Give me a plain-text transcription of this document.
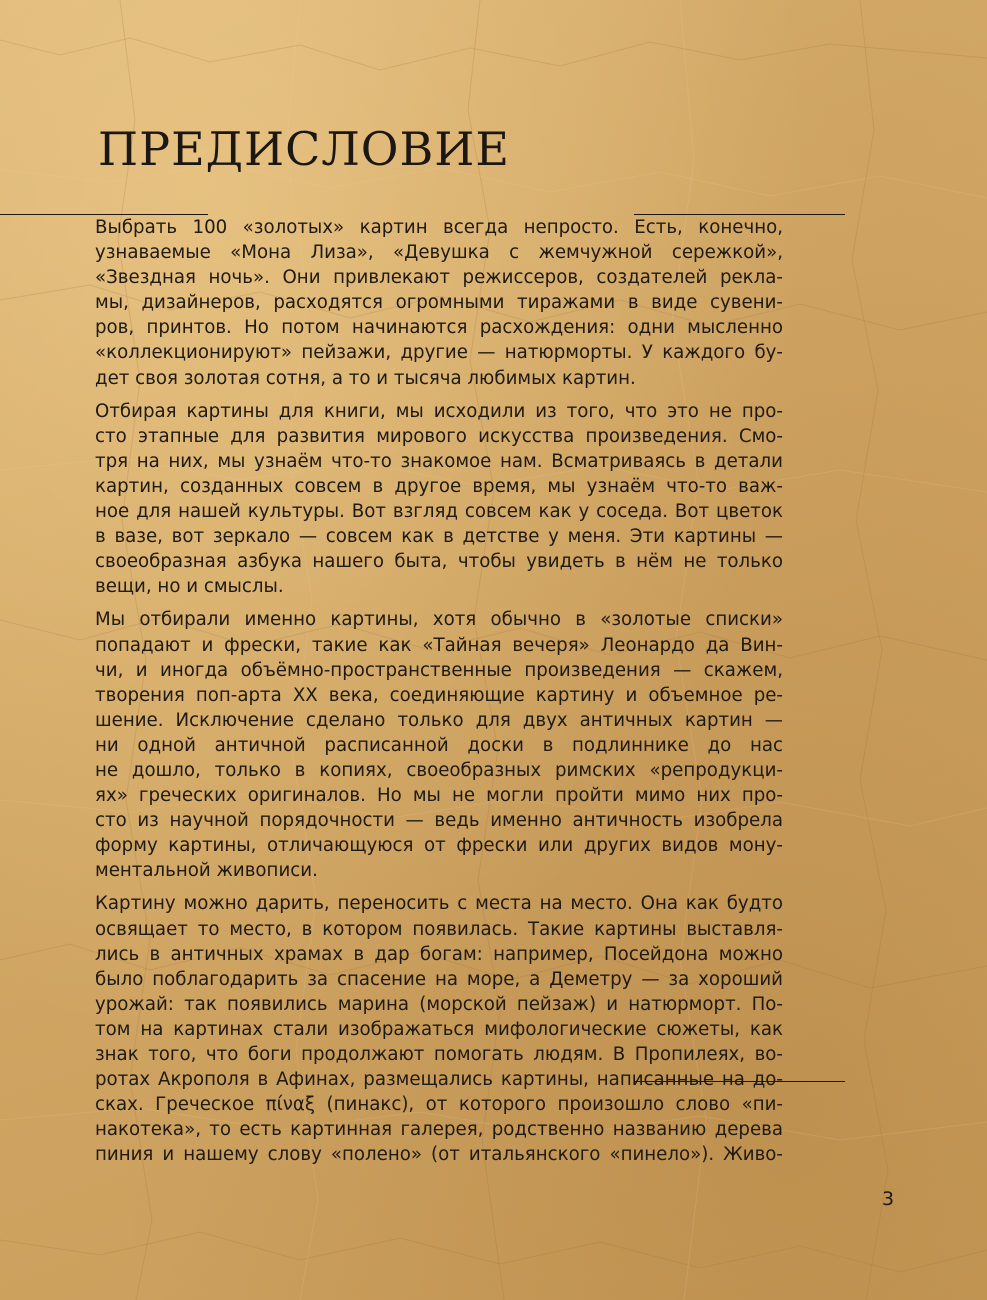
ПРЕДИСЛОВИЕ

Выбрать 100 «золотых» картин всегда непросто. Есть, конечно,
узнаваемые «Мона Лиза», «Девушка с жемчужной сережкой»,
«Звездная ночь». Они привлекают режиссеров, создателей рекла-
мы, дизайнеров, расходятся огромными тиражами в виде сувени-
ров, принтов. Но потом начинаются расхождения: одни мысленно
«коллекционируют» пейзажи, другие — натюрморты. У каждого бу-
дет своя золотая сотня, а то и тысяча любимых картин.

Отбирая картины для книги, мы исходили из того, что это не про-
сто этапные для развития мирового искусства произведения. Смо-
тря на них, мы узнаём что-то знакомое нам. Всматриваясь в детали
картин, созданных совсем в другое время, мы узнаём что-то важ-
ное для нашей культуры. Вот взгляд совсем как у соседа. Вот цветок
в вазе, вот зеркало — совсем как в детстве у меня. Эти картины —
своеобразная азбука нашего быта, чтобы увидеть в нём не только
вещи, но и смыслы.

Мы отбирали именно картины, хотя обычно в «золотые списки»
попадают и фрески, такие как «Тайная вечеря» Леонардо да Вин-
чи, и иногда объёмно-пространственные произведения — скажем,
творения поп-арта XX века, соединяющие картину и объемное ре-
шение. Исключение сделано только для двух античных картин —
ни одной античной расписанной доски в подлиннике до нас
не дошло, только в копиях, своеобразных римских «репродукци-
ях» греческих оригиналов. Но мы не могли пройти мимо них про-
сто из научной порядочности — ведь именно античность изобрела
форму картины, отличающуюся от фрески или других видов мону-
ментальной живописи.

Картину можно дарить, переносить с места на место. Она как будто
освящает то место, в котором появилась. Такие картины выставля-
лись в античных храмах в дар богам: например, Посейдона можно
было поблагодарить за спасение на море, а Деметру — за хороший
урожай: так появились марина (морской пейзаж) и натюрморт. По-
том на картинах стали изображаться мифологические сюжеты, как
знак того, что боги продолжают помогать людям. В Пропилеях, во-
ротах Акрополя в Афинах, размещались картины, написанные на до-
сках. Греческое πίναξ (пинакс), от которого произошло слово «пи-
накотека», то есть картинная галерея, родственно названию дерева
пиния и нашему слову «полено» (от итальянского «пинело»). Живо-

3
